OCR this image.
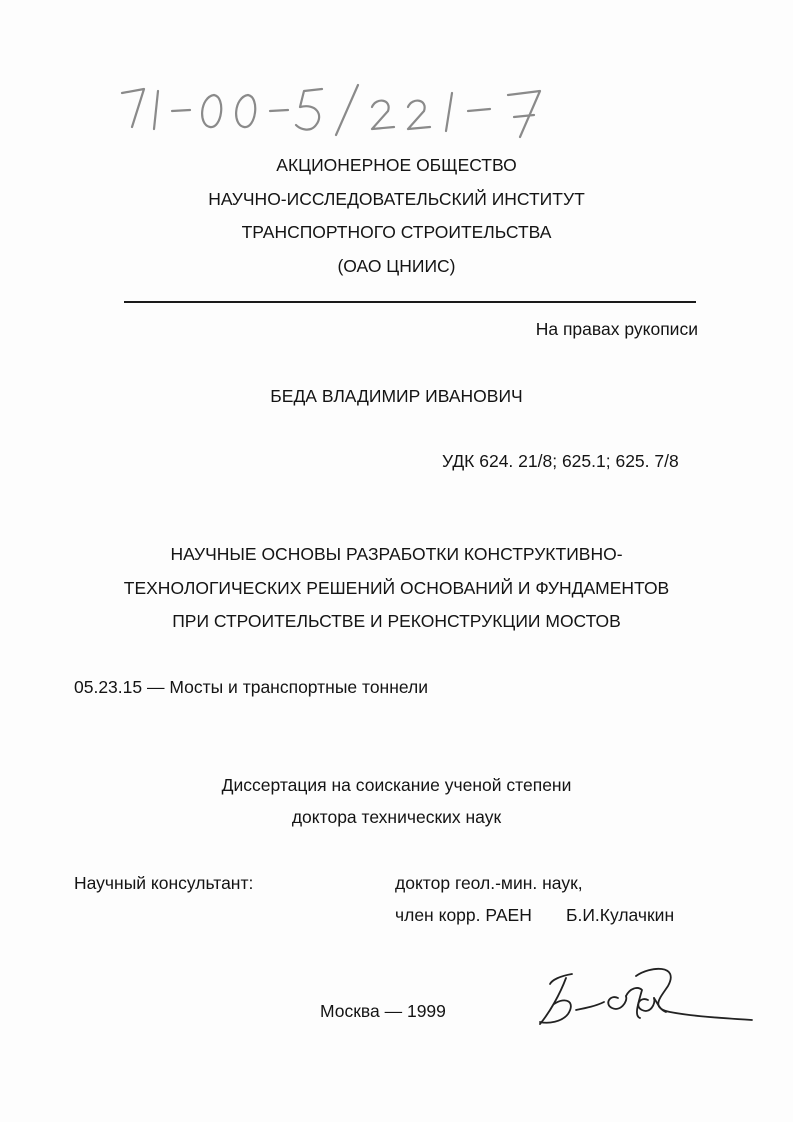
АКЦИОНЕРНОЕ ОБЩЕСТВО
НАУЧНО-ИССЛЕДОВАТЕЛЬСКИЙ ИНСТИТУТ
ТРАНСПОРТНОГО СТРОИТЕЛЬСТВА
(ОАО ЦНИИС)
На правах рукописи
БЕДА ВЛАДИМИР ИВАНОВИЧ
УДК 624. 21/8; 625.1; 625. 7/8
НАУЧНЫЕ ОСНОВЫ РАЗРАБОТКИ КОНСТРУКТИВНО-
ТЕХНОЛОГИЧЕСКИХ РЕШЕНИЙ ОСНОВАНИЙ И ФУНДАМЕНТОВ
ПРИ СТРОИТЕЛЬСТВЕ И РЕКОНСТРУКЦИИ МОСТОВ
05.23.15 — Мосты и транспортные тоннели
Диссертация на соискание ученой степени
доктора технических наук
Научный консультант:	доктор геол.-мин. наук,
член корр. РАЕН Б.И.Кулачкин
Москва — 1999
